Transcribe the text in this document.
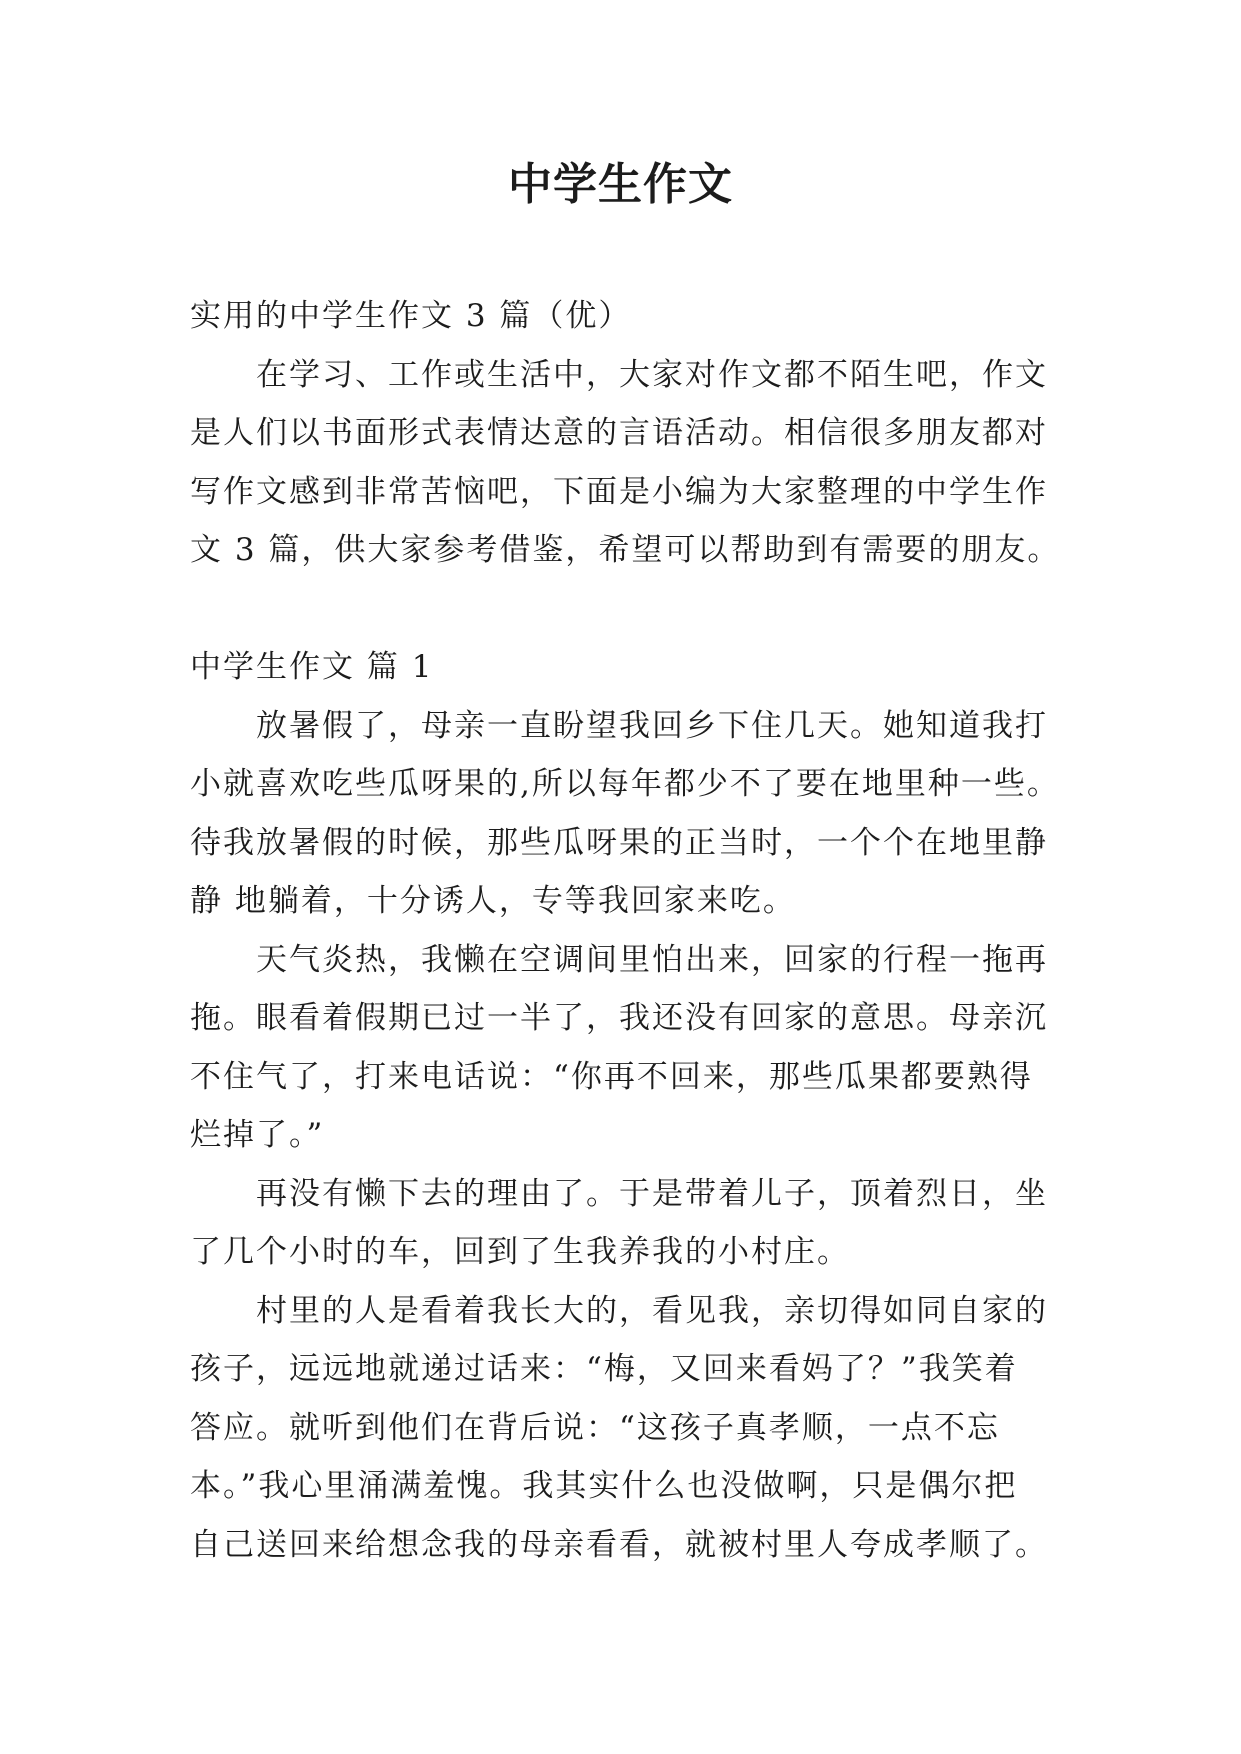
中学生作文
实用的中学生作文 3 篇（优）
在学习、工作或生活中，大家对作文都不陌生吧，作文
是人们以书面形式表情达意的言语活动。相信很多朋友都对
写作文感到非常苦恼吧，下面是小编为大家整理的中学生作
文 3 篇，供大家参考借鉴，希望可以帮助到有需要的朋友。
中学生作文 篇 1
放暑假了，母亲一直盼望我回乡下住几天。她知道我打
小就喜欢吃些瓜呀果的,所以每年都少不了要在地里种一些。
待我放暑假的时候，那些瓜呀果的正当时，一个个在地里静
静 地躺着，十分诱人，专等我回家来吃。
天气炎热，我懒在空调间里怕出来，回家的行程一拖再
拖。眼看着假期已过一半了，我还没有回家的意思。母亲沉
不住气了，打来电话说：“你再不回来，那些瓜果都要熟得
烂掉了。”
再没有懒下去的理由了。于是带着儿子，顶着烈日，坐
了几个小时的车，回到了生我养我的小村庄。
村里的人是看着我长大的，看见我，亲切得如同自家的
孩子，远远地就递过话来：“梅，又回来看妈了？”我笑着
答应。就听到他们在背后说：“这孩子真孝顺，一点不忘
本。”我心里涌满羞愧。我其实什么也没做啊，只是偶尔把
自己送回来给想念我的母亲看看，就被村里人夸成孝顺了。
